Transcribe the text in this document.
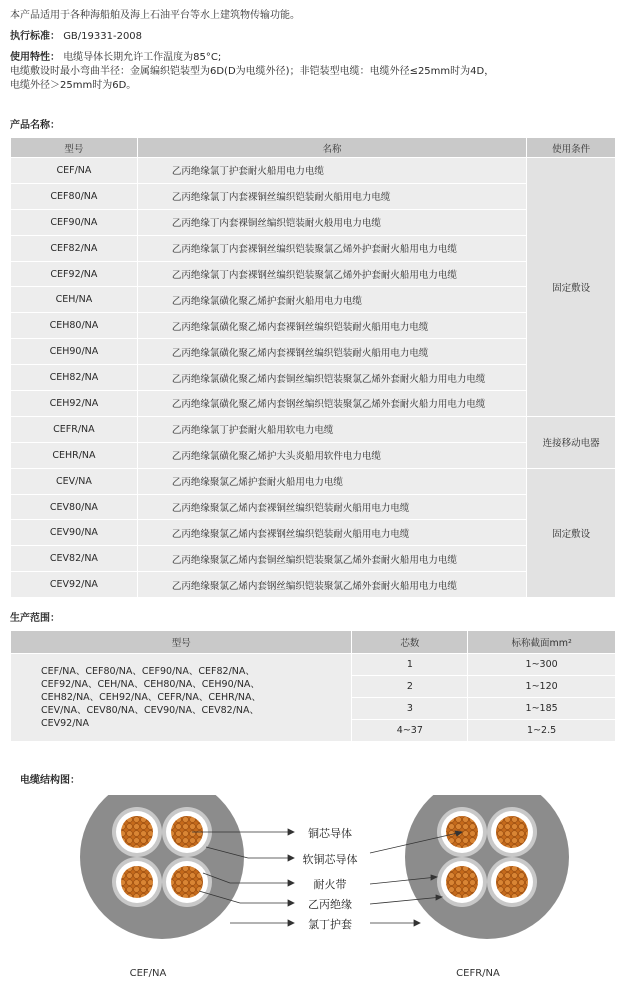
本产品适用于各种海船舶及海上石油平台等水上建筑物传输功能。

执行标准： GB/19331-2008

使用特性： 电缆导体长期允许工作温度为85°C;

电缆敷设时最小弯曲半径：金属编织铠装型为6D(D为电缆外径)；非铠装型电缆：电缆外径≤25mm时为4D，

电缆外径＞25mm时为6D。

产品名称：
型号	名称	使用条件
CEF/NA	乙丙绝缘氯丁护套耐火船用电力电缆	固定敷设
CEF80/NA	乙丙绝缘氯丁内套裸铜丝编织铠装耐火船用电力电缆	
CEF90/NA	乙丙绝缘丁内套裸铜丝编织铠装耐火般用电力电缆	
CEF82/NA	乙丙绝缘氯丁内套裸铜丝编织铠装聚氯乙烯外护套耐火船用电力电缆	
CEF92/NA	乙丙绝缘氯丁内套裸钢丝编织铠装聚氯乙烯外护套耐火船用电力电缆	
CEH/NA	乙丙绝缘氯磺化聚乙烯护套耐火船用电力电缆	
CEH80/NA	乙丙绝缘氯磺化聚乙烯内套裸铜丝编织铠装耐火船用电力电缆	
CEH90/NA	乙丙绝缘氯磺化聚乙烯内套裸钢丝编织铠装耐火船用电力电缆	
CEH82/NA	乙丙绝缘氯磺化聚乙烯内套铜丝编织铠装聚氯乙烯外套耐火船力用电力电缆	
CEH92/NA	乙丙绝缘氯磺化聚乙烯内套钢丝编织铠装聚氯乙烯外套耐火船力用电力电缆	
CEFR/NA	乙丙绝缘氯丁护套耐火船用软电力电缆	连接移动电器
CEHR/NA	乙丙绝缘氯磺化聚乙烯护大头炎船用软件电力电缆	
CEV/NA	乙丙绝缘聚氯乙烯护套耐火船用电力电缆	固定敷设
CEV80/NA	乙丙绝缘聚氯乙烯内套裸铜丝编织铠装耐火船用电力电缆	
CEV90/NA	乙丙绝缘聚氯乙烯内套裸钢丝编织铠装耐火船用电力电缆	
CEV82/NA	乙丙绝缘聚氯乙烯内套铜丝编织铠装聚氯乙烯外套耐火船用电力电缆	
CEV92/NA	乙丙绝缘聚氯乙烯内套钢丝编织铠装聚氯乙烯外套耐火船用电力电缆	
生产范围：
型号	芯数	标称截面mm²

CEF/NA、CEF80/NA、CEF90/NA、CEF82/NA、
CEF92/NA、CEH/NA、CEH80/NA、CEH90/NA、
CEH82/NA、CEH92/NA、CEFR/NA、CEHR/NA、
CEV/NA、CEV80/NA、CEV90/NA、CEV82/NA、
CEV92/NA	1	1~300
	2	1~120
	3	1~185
	4~37	1~2.5
电缆结构图：
铜芯导体
软铜芯导体
耐火带
乙丙绝缘
氯丁护套
CEF/NA	CEFR/NA
